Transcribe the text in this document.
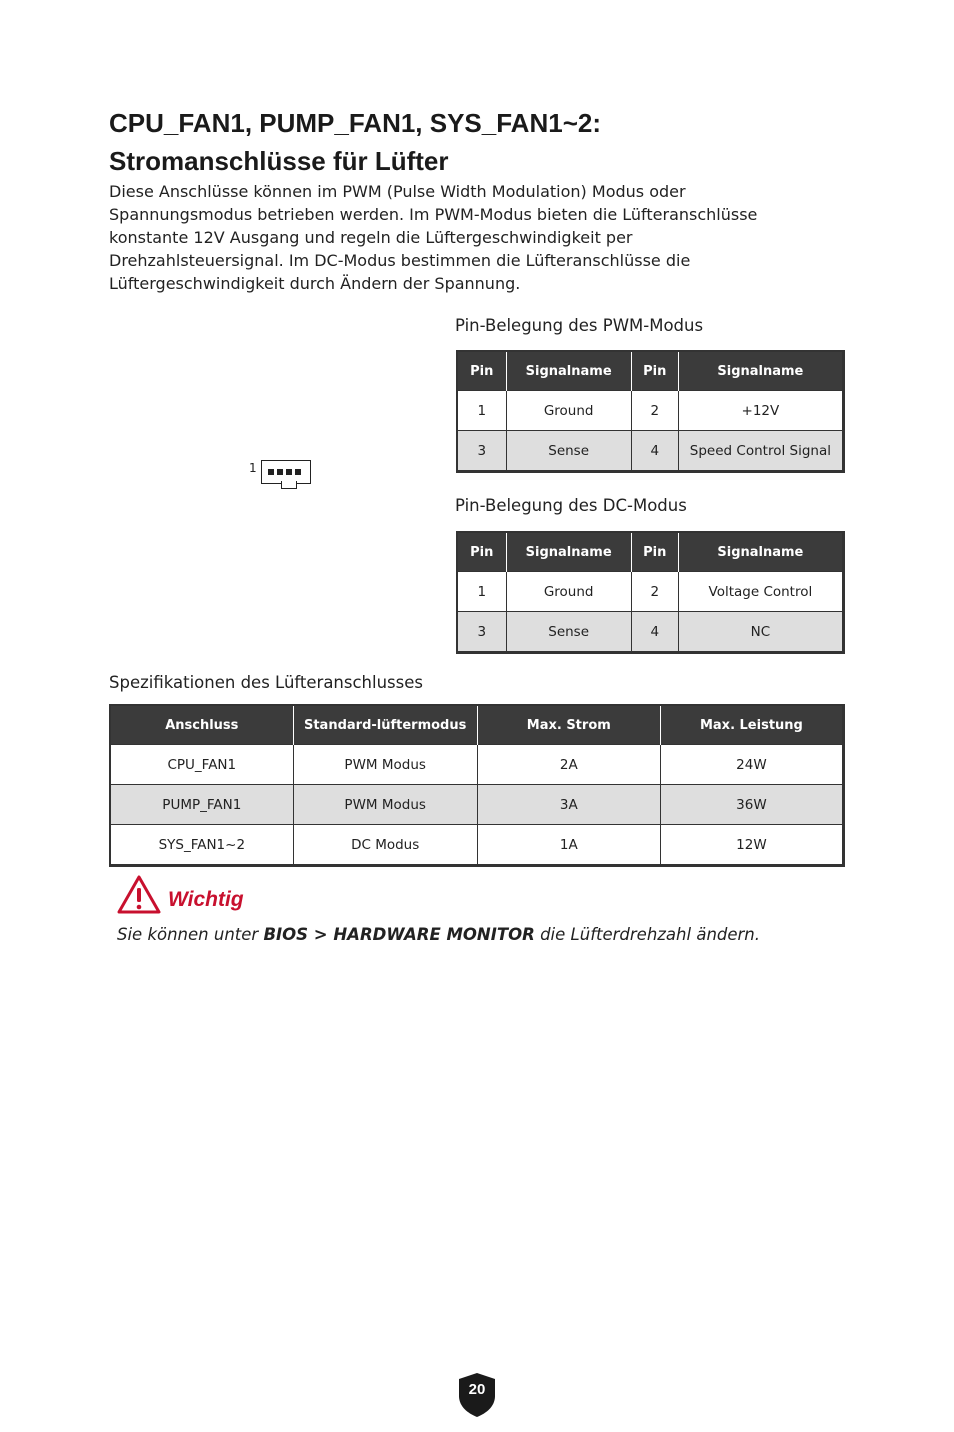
CPU_FAN1, PUMP_FAN1, SYS_FAN1~2:
Stromanschlüsse für Lüfter

Diese Anschlüsse können im PWM (Pulse Width Modulation) Modus oder Spannungsmodus betrieben werden. Im PWM-Modus bieten die Lüfteranschlüsse konstante 12V Ausgang und regeln die Lüftergeschwindigkeit per Drehzahlsteuersignal. Im DC-Modus bestimmen die Lüfteranschlüsse die Lüftergeschwindigkeit durch Ändern der Spannung.

1

Pin-Belegung des PWM-Modus

Pin	Signalname	Pin	Signalname
1	Ground	2	+12V
3	Sense	4	Speed Control Signal

Pin-Belegung des DC-Modus

Pin	Signalname	Pin	Signalname
1	Ground	2	Voltage Control
3	Sense	4	NC

Spezifikationen des Lüfteranschlusses

Anschluss	Standard-lüftermodus	Max. Strom	Max. Leistung
CPU_FAN1	PWM Modus	2A	24W
PUMP_FAN1	PWM Modus	3A	36W
SYS_FAN1~2	DC Modus	1A	12W
Wichtig

Sie können unter BIOS > HARDWARE MONITOR die Lüfterdrehzahl ändern.

20
